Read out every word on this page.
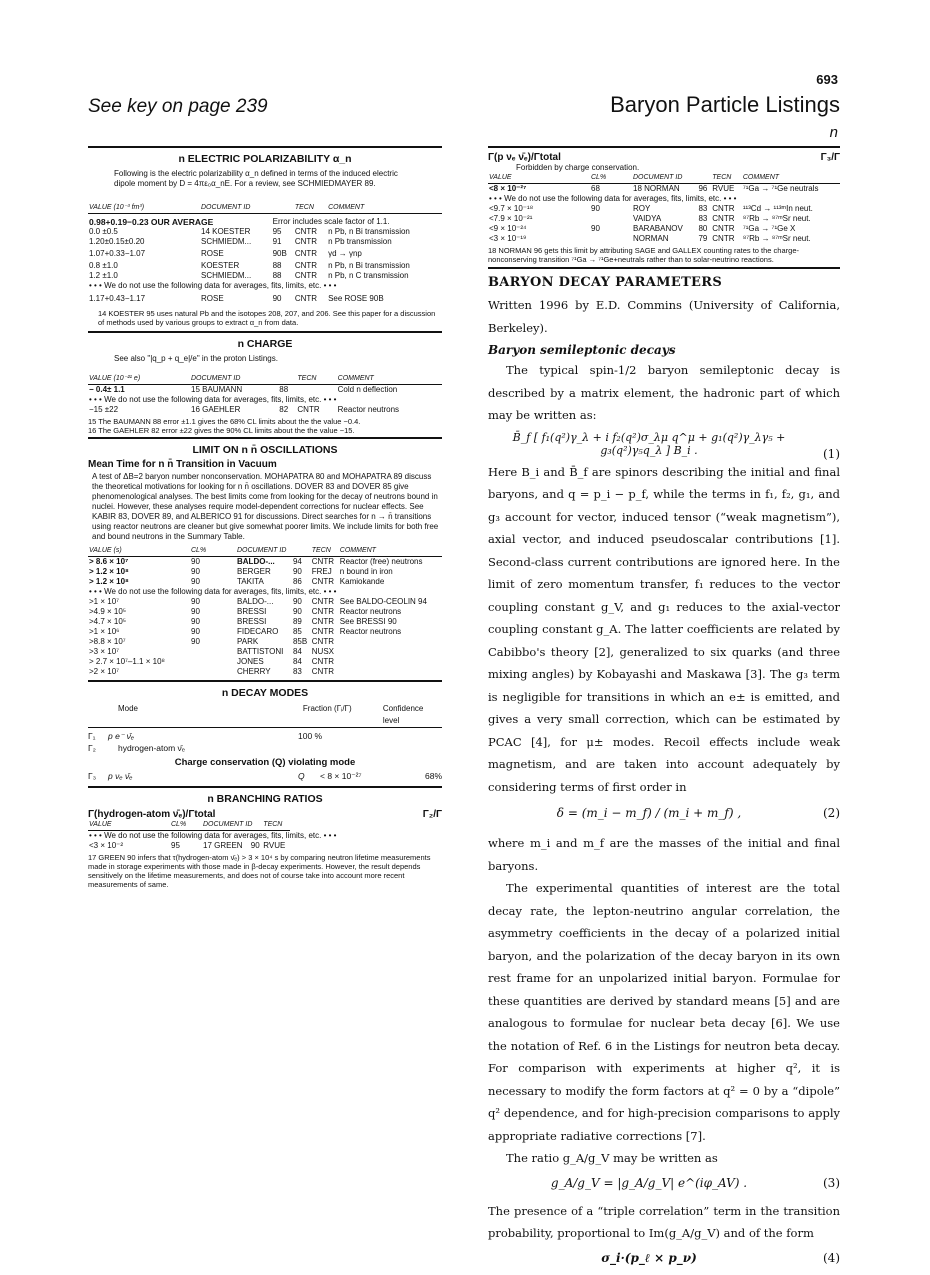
693
See key on page 239	Baryon Particle Listings
n
n ELECTRIC POLARIZABILITY α_n
Following is the electric polarizability α_n defined in terms of the induced electric dipole moment by D = 4πε₀α_nE. For a review, see SCHMIEDMAYER 89.
VALUE (10⁻³ fm³)	DOCUMENT ID		TECN	COMMENT
0.98+0.19−0.23 OUR AVERAGE		Error includes scale factor of 1.1.		
0.0 ±0.5	14 KOESTER	95	CNTR	n Pb, n Bi transmission
1.20±0.15±0.20	SCHMIEDM...	91	CNTR	n Pb transmission
1.07+0.33−1.07	ROSE	90B	CNTR	γd → γnp
0.8 ±1.0	KOESTER	88	CNTR	n Pb, n Bi transmission
1.2 ±1.0	SCHMIEDM...	88	CNTR	n Pb, n C transmission
• • • We do not use the following data for averages, fits, limits, etc. • • •				
1.17+0.43−1.17	ROSE	90	CNTR	See ROSE 90B
14 KOESTER 95 uses natural Pb and the isotopes 208, 207, and 206. See this paper for a discussion of methods used by various groups to extract α_n from data.
n CHARGE
See also "|q_p + q_e|/e" in the proton Listings.
VALUE (10⁻²¹ e)	DOCUMENT ID		TECN	COMMENT
− 0.4± 1.1	15 BAUMANN	88		Cold n deflection
• • • We do not use the following data for averages, fits, limits, etc. • • •				
−15 ±22	16 GAEHLER	82	CNTR	Reactor neutrons
15 The BAUMANN 88 error ±1.1 gives the 68% CL limits about the the value −0.4.
16 The GAEHLER 82 error ±22 gives the 90% CL limits about the the value −15.
LIMIT ON n n̄ OSCILLATIONS
Mean Time for n n̄ Transition in Vacuum
A test of ΔB=2 baryon number nonconservation. MOHAPATRA 80 and MOHAPATRA 89 discuss the theoretical motivations for looking for n n̄ oscillations. DOVER 83 and DOVER 85 give phenomenological analyses. The best limits come from looking for the decay of neutrons bound in nuclei. However, these analyses require model-dependent corrections for nuclear effects. See KABIR 83, DOVER 89, and ALBERICO 91 for discussions. Direct searches for n → n̄ transitions using reactor neutrons are cleaner but give somewhat poorer limits. We include limits for both free and bound neutrons in the Summary Table.
VALUE (s)	CL%	DOCUMENT ID		TECN	COMMENT
> 8.6 × 10⁷	90	BALDO-...	94	CNTR	Reactor (free) neutrons
> 1.2 × 10⁸	90	BERGER	90	FREJ	n bound in iron
> 1.2 × 10⁸	90	TAKITA	86	CNTR	Kamiokande
• • • We do not use the following data for averages, fits, limits, etc. • • •					
>1 × 10⁷	90	BALDO-...	90	CNTR	See BALDO-CEOLIN 94
>4.9 × 10⁵	90	BRESSI	90	CNTR	Reactor neutrons
>4.7 × 10⁵	90	BRESSI	89	CNTR	See BRESSI 90
>1 × 10⁶	90	FIDECARO	85	CNTR	Reactor neutrons
>8.8 × 10⁷	90	PARK	85B	CNTR	
>3 × 10⁷		BATTISTONI	84	NUSX	
> 2.7 × 10⁷–1.1 × 10⁸		JONES	84	CNTR	
>2 × 10⁷		CHERRY	83	CNTR	
n DECAY MODES
Mode	Fraction (Γᵢ/Γ)	Confidence level
Γ₁	p e⁻ ν̄ₑ	100 %
Γ₂	hydrogen-atom ν̄ₑ
Charge conservation (Q) violating mode
Γ₃	p νₑ ν̄ₑ	Q	< 8 × 10⁻²⁷	68%
n BRANCHING RATIOS
Γ(hydrogen-atom ν̄ₑ)/Γtotal	Γ₂/Γ
VALUE	CL%	DOCUMENT ID		TECN	
• • • We do not use the following data for averages, fits, limits, etc. • • •					
<3 × 10⁻²	95	17 GREEN	90	RVUE	
17 GREEN 90 infers that τ(hydrogen-atom ν̄ₑ) > 3 × 10⁴ s by comparing neutron lifetime measurements made in storage experiments with those made in β-decay experiments. However, the result depends sensitively on the lifetime measurements, and does not of course take into account more recent measurements of same.
Γ(p νₑ ν̄ₑ)/Γtotal	Γ₃/Γ
Forbidden by charge conservation.
VALUE	CL%	DOCUMENT ID		TECN	COMMENT
<8 × 10⁻²⁷	68	18 NORMAN	96	RVUE	⁷¹Ga → ⁷¹Ge neutrals
• • • We do not use the following data for averages, fits, limits, etc. • • •					
<9.7 × 10⁻¹⁸	90	ROY	83	CNTR	¹¹³Cd → ¹¹³ᵐIn neut.
<7.9 × 10⁻²¹		VAIDYA	83	CNTR	⁸⁷Rb → ⁸⁷ᵐSr neut.
<9 × 10⁻²⁴	90	BARABANOV	80	CNTR	⁷¹Ga → ⁷¹Ge X
<3 × 10⁻¹⁹		NORMAN	79	CNTR	⁸⁷Rb → ⁸⁷ᵐSr neut.
18 NORMAN 96 gets this limit by attributing SAGE and GALLEX counting rates to the charge-nonconserving transition ⁷¹Ga → ⁷¹Ge+neutrals rather than to solar-neutrino reactions.
BARYON DECAY PARAMETERS

Written 1996 by E.D. Commins (University of California, Berkeley).

Baryon semileptonic decays

The typical spin-1/2 baryon semileptonic decay is described by a matrix element, the hadronic part of which may be written as:

B̄_f [ f₁(q²)γ_λ + i f₂(q²)σ_λμ q^μ + g₁(q²)γ_λγ₅ + g₃(q²)γ₅q_λ ] B_i .	(1)

Here B_i and B̄_f are spinors describing the initial and final baryons, and q = p_i − p_f, while the terms in f₁, f₂, g₁, and g₃ account for vector, induced tensor (“weak magnetism”), axial vector, and induced pseudoscalar contributions [1]. Second-class current contributions are ignored here. In the limit of zero momentum transfer, f₁ reduces to the vector coupling constant g_V, and g₁ reduces to the axial-vector coupling constant g_A. The latter coefficients are related by Cabibbo's theory [2], generalized to six quarks (and three mixing angles) by Kobayashi and Maskawa [3]. The g₃ term is negligible for transitions in which an e± is emitted, and gives a very small correction, which can be estimated by PCAC [4], for μ± modes. Recoil effects include weak magnetism, and are taken into account adequately by considering terms of first order in

δ = (m_i − m_f) / (m_i + m_f) ,	(2)

where m_i and m_f are the masses of the initial and final baryons.

The experimental quantities of interest are the total decay rate, the lepton-neutrino angular correlation, the asymmetry coefficients in the decay of a polarized initial baryon, and the polarization of the decay baryon in its own rest frame for an unpolarized initial baryon. Formulae for these quantities are derived by standard means [5] and are analogous to formulae for nuclear beta decay [6]. We use the notation of Ref. 6 in the Listings for neutron beta decay. For comparison with experiments at higher q², it is necessary to modify the form factors at q² = 0 by a “dipole” q² dependence, and for high-precision comparisons to apply appropriate radiative corrections [7].

The ratio g_A/g_V may be written as

g_A/g_V = |g_A/g_V| e^(iφ_AV) .	(3)

The presence of a “triple correlation” term in the transition probability, proportional to Im(g_A/g_V) and of the form

σ_i·(p_ℓ × p_ν)	(4)
